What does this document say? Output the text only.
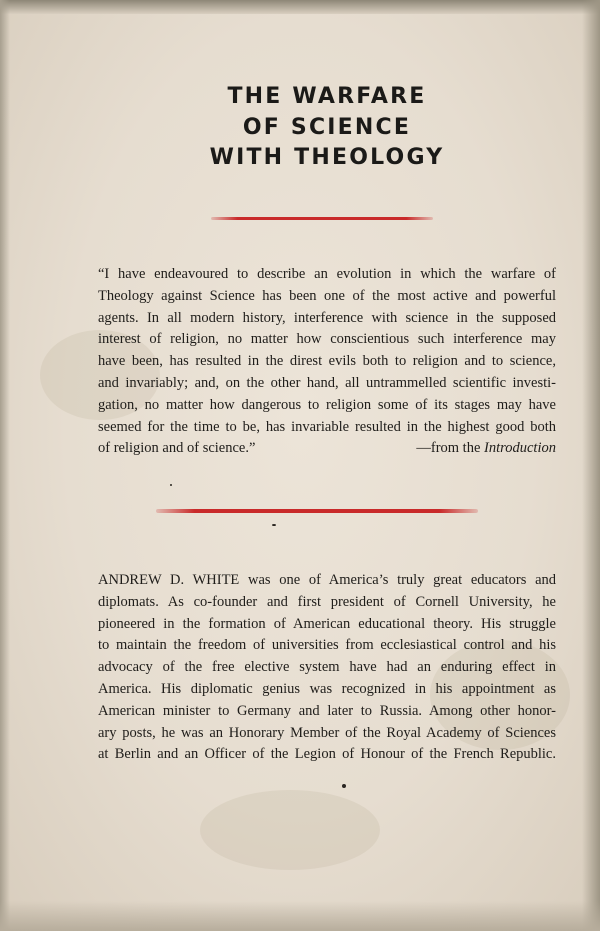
THE WARFARE
OF SCIENCE
WITH THEOLOGY
“I have endeavoured to describe an evolution in which the warfare of
Theology against Science has been one of the most active and powerful
agents. In all modern history, interference with science in the supposed
interest of religion, no matter how conscientious such interference may
have been, has resulted in the direst evils both to religion and to science,
and invariably; and, on the other hand, all untrammelled scientific investi-
gation, no matter how dangerous to religion some of its stages may have
seemed for the time to be, has invariable resulted in the highest good both
of religion and of science.”	—from the Introduction
ANDREW D. WHITE was one of America’s truly great educators and
diplomats. As co-founder and first president of Cornell University, he
pioneered in the formation of American educational theory. His struggle
to maintain the freedom of universities from ecclesiastical control and his
advocacy of the free elective system have had an enduring effect in
America. His diplomatic genius was recognized in his appointment as
American minister to Germany and later to Russia. Among other honor-
ary posts, he was an Honorary Member of the Royal Academy of Sciences
at Berlin and an Officer of the Legion of Honour of the French Republic.
